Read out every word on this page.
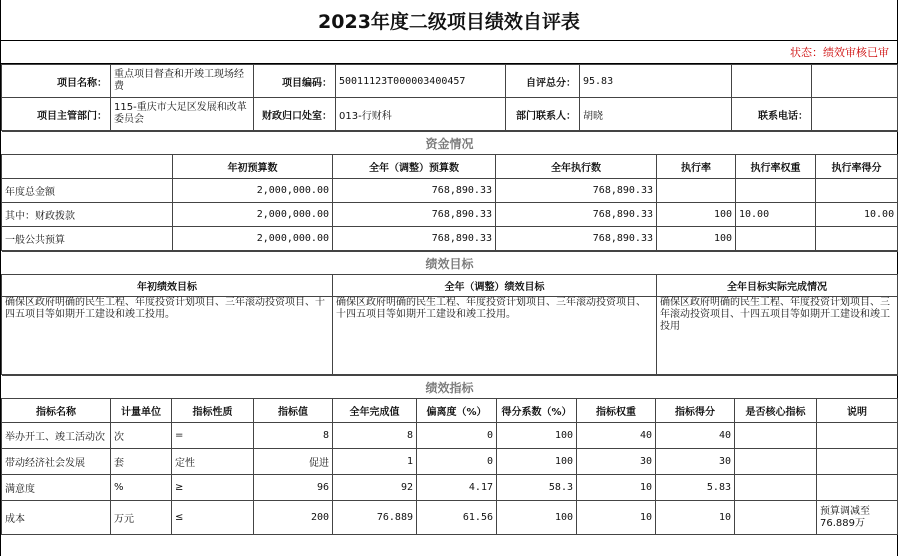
2023年度二级项目绩效自评表
状态：绩效审核已审
项目名称：	重点项目督查和开竣工现场经费	项目编码：	50011123T000003400457	自评总分：	95.83		
项目主管部门：	115-重庆市大足区发展和改革委员会	财政归口处室：	013-行财科	部门联系人：	胡晓	联系电话：	
资金情况						
	年初预算数	全年（调整）预算数	全年执行数	执行率	执行率权重	执行率得分
年度总金额	2,000,000.00	768,890.33	768,890.33			
其中：财政拨款	2,000,000.00	768,890.33	768,890.33	100	10.00	10.00
一般公共预算	2,000,000.00	768,890.33	768,890.33	100		
绩效目标		
年初绩效目标	全年（调整）绩效目标	全年目标实际完成情况
确保区政府明确的民生工程、年度投资计划项目、三年滚动投资项目、十四五项目等如期开工建设和竣工投用。	确保区政府明确的民生工程、年度投资计划项目、三年滚动投资项目、十四五项目等如期开工建设和竣工投用。	确保区政府明确的民生工程、年度投资计划项目、三年滚动投资项目、十四五项目等如期开工建设和竣工投用
绩效指标										
指标名称	计量单位	指标性质	指标值	全年完成值	偏离度（%）	得分系数（%）	指标权重	指标得分	是否核心指标	说明
举办开工、竣工活动次	次	=	8	8	0	100	40	40		
带动经济社会发展	套	定性	促进	1	0	100	30	30		
满意度	%	≥	96	92	4.17	58.3	10	5.83		
成本	万元	≤	200	76.889	61.56	100	10	10		预算调减至76.889万
